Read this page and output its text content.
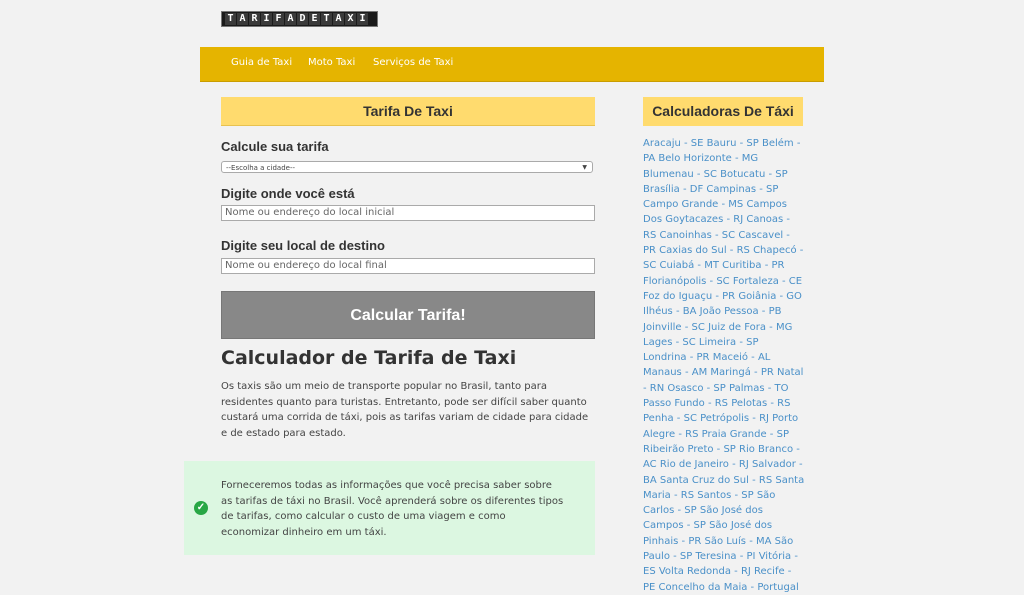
T A R I F A D E T A X I
Guia de Taxi Moto Taxi Serviços de Taxi
Tarifa De Taxi
Calcule sua tarifa
--Escolha a cidade--	▼
Digite onde você está
Nome ou endereço do local inicial
Digite seu local de destino
Nome ou endereço do local final
Calcular Tarifa!
Calculador de Tarifa de Taxi
Os taxis são um meio de transporte popular no Brasil, tanto para residentes quanto para turistas. Entretanto, pode ser difícil saber quanto custará uma corrida de táxi, pois as tarifas variam de cidade para cidade e de estado para estado.
✓
Forneceremos todas as informações que você precisa saber sobre as tarifas de táxi no Brasil. Você aprenderá sobre os diferentes tipos de tarifas, como calcular o custo de uma viagem e como economizar dinheiro em um táxi.
Calculadoras De Táxi
Aracaju - SE Bauru - SP Belém - PA Belo Horizonte - MG Blumenau - SC Botucatu - SP Brasília - DF Campinas - SP Campo Grande - MS Campos Dos Goytacazes - RJ Canoas - RS Canoinhas - SC Cascavel - PR Caxias do Sul - RS Chapecó - SC Cuiabá - MT Curitiba - PR Florianópolis - SC Fortaleza - CE Foz do Iguaçu - PR Goiânia - GO Ilhéus - BA João Pessoa - PB Joinville - SC Juiz de Fora - MG Lages - SC Limeira - SP Londrina - PR Maceió - AL Manaus - AM Maringá - PR Natal - RN Osasco - SP Palmas - TO Passo Fundo - RS Pelotas - RS Penha - SC Petrópolis - RJ Porto Alegre - RS Praia Grande - SP Ribeirão Preto - SP Rio Branco - AC Rio de Janeiro - RJ Salvador - BA Santa Cruz do Sul - RS Santa Maria - RS Santos - SP São Carlos - SP São José dos Campos - SP São José dos Pinhais - PR São Luís - MA São Paulo - SP Teresina - PI Vitória - ES Volta Redonda - RJ Recife - PE Concelho da Maia - Portugal
